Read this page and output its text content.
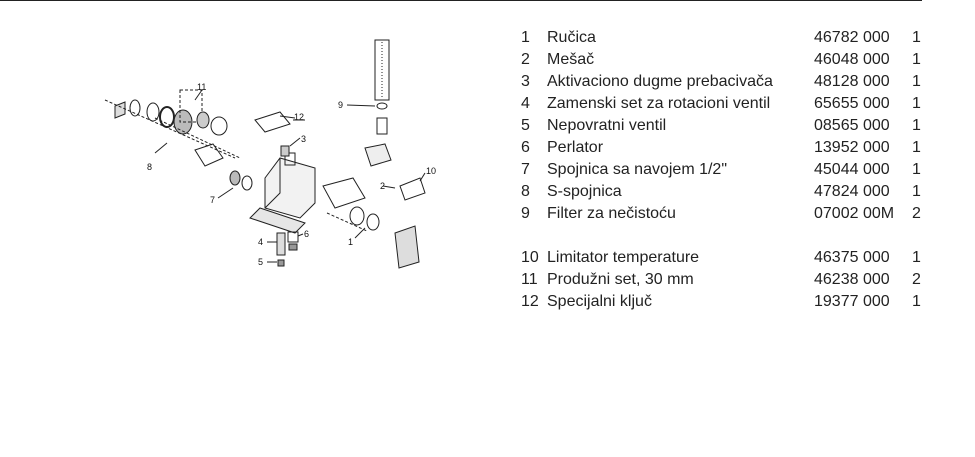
11
8
7
12
3
9
2
10
1
4
5
6
1 Ručica	46782 000 1
2 Mešač	46048 000 1
3 Aktivaciono dugme prebacivača	48128 000 1
4 Zamenski set za rotacioni ventil	65655 000 1
5 Nepovratni ventil	08565 000 1
6 Perlator	13952 000 1
7 Spojnica sa navojem 1/2"	45044 000 1
8 S-spojnica	47824 000 1
9 Filter za nečistoću	07002 00M 2
10 Limitator temperature	46375 000 1
11 Produžni set, 30 mm	46238 000 2
12 Specijalni ključ	19377 000 1
